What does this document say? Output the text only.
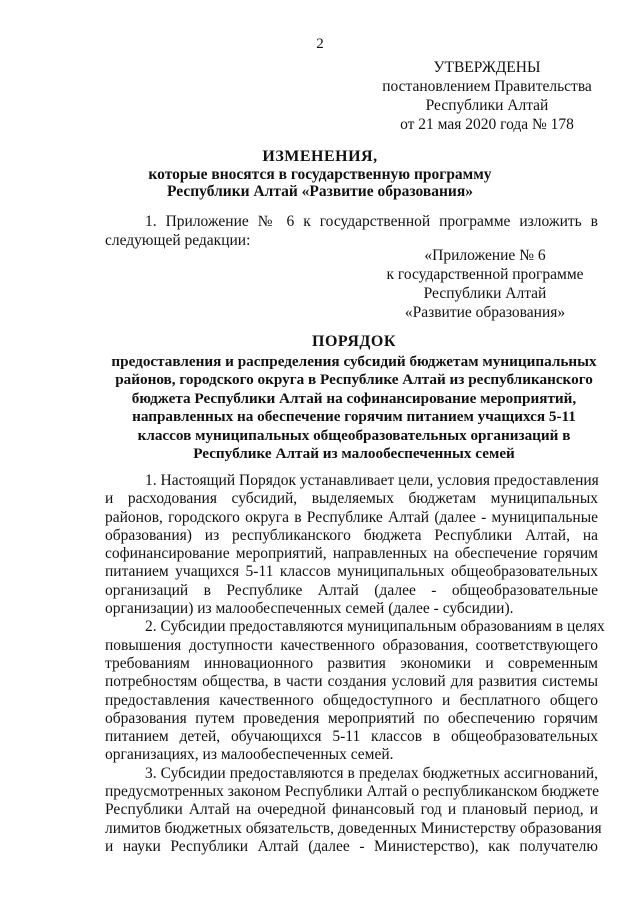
2
УТВЕРЖДЕНЫ
постановлением Правительства
Республики Алтай
от 21 мая 2020 года № 178
ИЗМЕНЕНИЯ,
которые вносятся в государственную программу
Республики Алтай «Развитие образования»
1. Приложение № 6 к государственной программе изложить в
следующей редакции:
«Приложение № 6
к государственной программе
Республики Алтай
«Развитие образования»
ПОРЯДОК
предоставления и распределения субсидий бюджетам муниципальных
районов, городского округа в Республике Алтай из республиканского
бюджета Республики Алтай на софинансирование мероприятий,
направленных на обеспечение горячим питанием учащихся 5-11
классов муниципальных общеобразовательных организаций в
Республике Алтай из малообеспеченных семей
1. Настоящий Порядок устанавливает цели, условия предоставления
и расходования субсидий, выделяемых бюджетам муниципальных
районов, городского округа в Республике Алтай (далее - муниципальные
образования) из республиканского бюджета Республики Алтай, на
софинансирование мероприятий, направленных на обеспечение горячим
питанием учащихся 5-11 классов муниципальных общеобразовательных
организаций в Республике Алтай (далее - общеобразовательные
организации) из малообеспеченных семей (далее - субсидии).
2. Субсидии предоставляются муниципальным образованиям в целях
повышения доступности качественного образования, соответствующего
требованиям инновационного развития экономики и современным
потребностям общества, в части создания условий для развития системы
предоставления качественного общедоступного и бесплатного общего
образования путем проведения мероприятий по обеспечению горячим
питанием детей, обучающихся 5-11 классов в общеобразовательных
организациях, из малообеспеченных семей.
3. Субсидии предоставляются в пределах бюджетных ассигнований,
предусмотренных законом Республики Алтай о республиканском бюджете
Республики Алтай на очередной финансовый год и плановый период, и
лимитов бюджетных обязательств, доведенных Министерству образования
и науки Республики Алтай (далее - Министерство), как получателю
